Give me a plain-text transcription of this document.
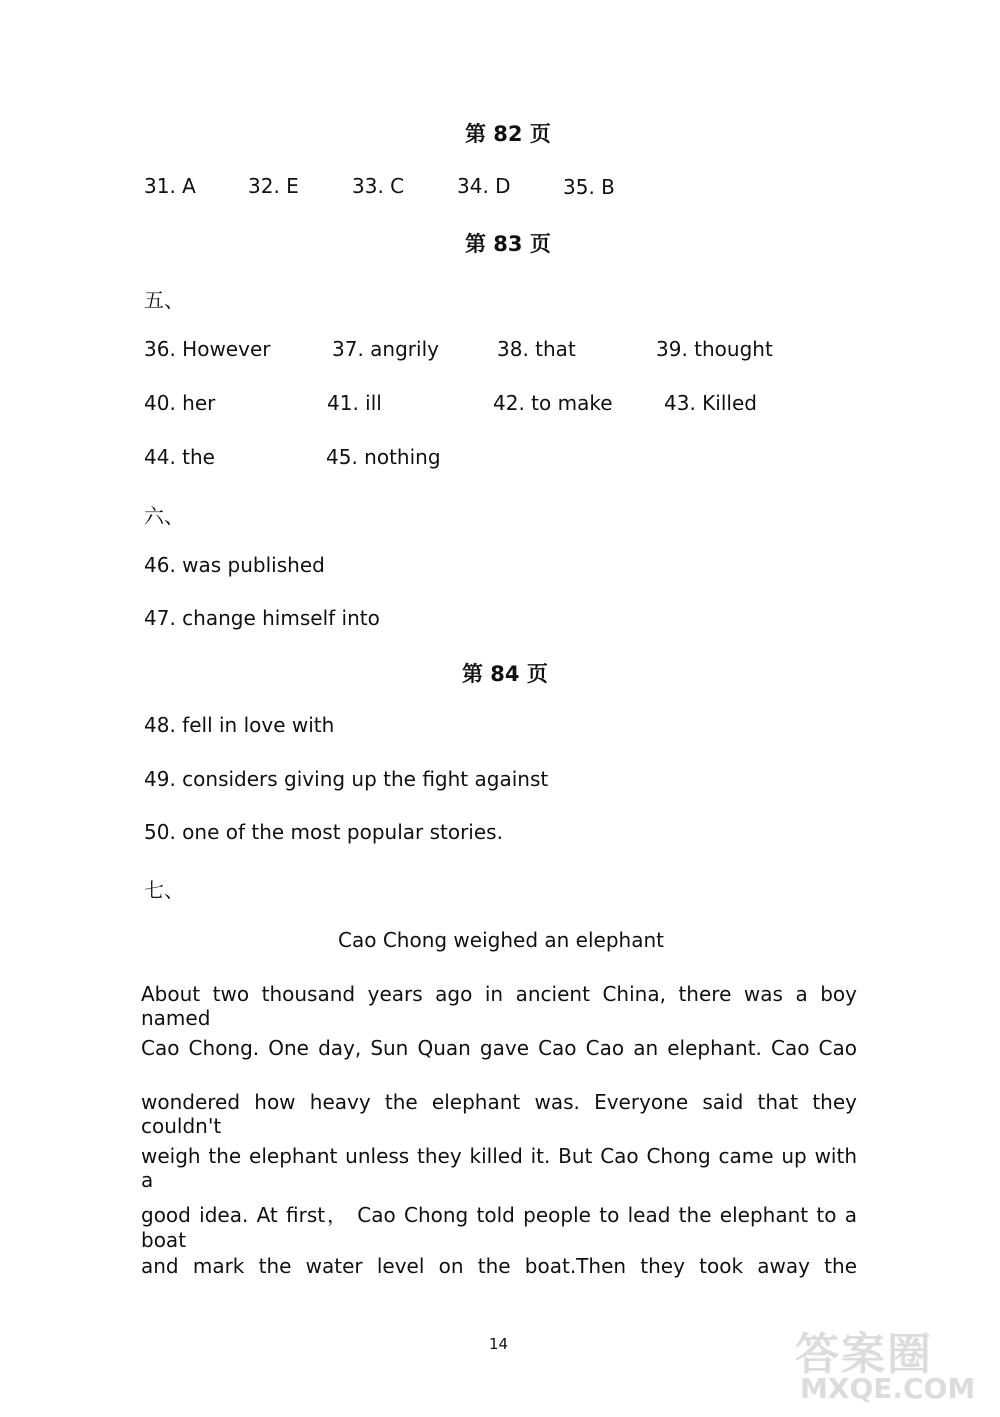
第 82 页
31. A	32. E	33. C	34. D	35. B
第 83 页
五、
36. However	37. angrily	38. that	39. thought
40. her	41. ill	42. to make	43. Killed
44. the	45. nothing
六、
46. was published
47. change himself into
第 84 页
48. fell in love with
49. considers giving up the fight against
50. one of the most popular stories.
七、
Cao Chong weighed an elephant
About two thousand years ago in ancient China, there was a boy named
Cao Chong. One day, Sun Quan gave Cao Cao an elephant. Cao Cao
wondered how heavy the elephant was. Everyone said that they couldn't
weigh the elephant unless they killed it. But Cao Chong came up with a
good idea. At first， Cao Chong told people to lead the elephant to a boat
and mark the water level on the boat.Then they took away the
14	答案圈
MXQE.COM
